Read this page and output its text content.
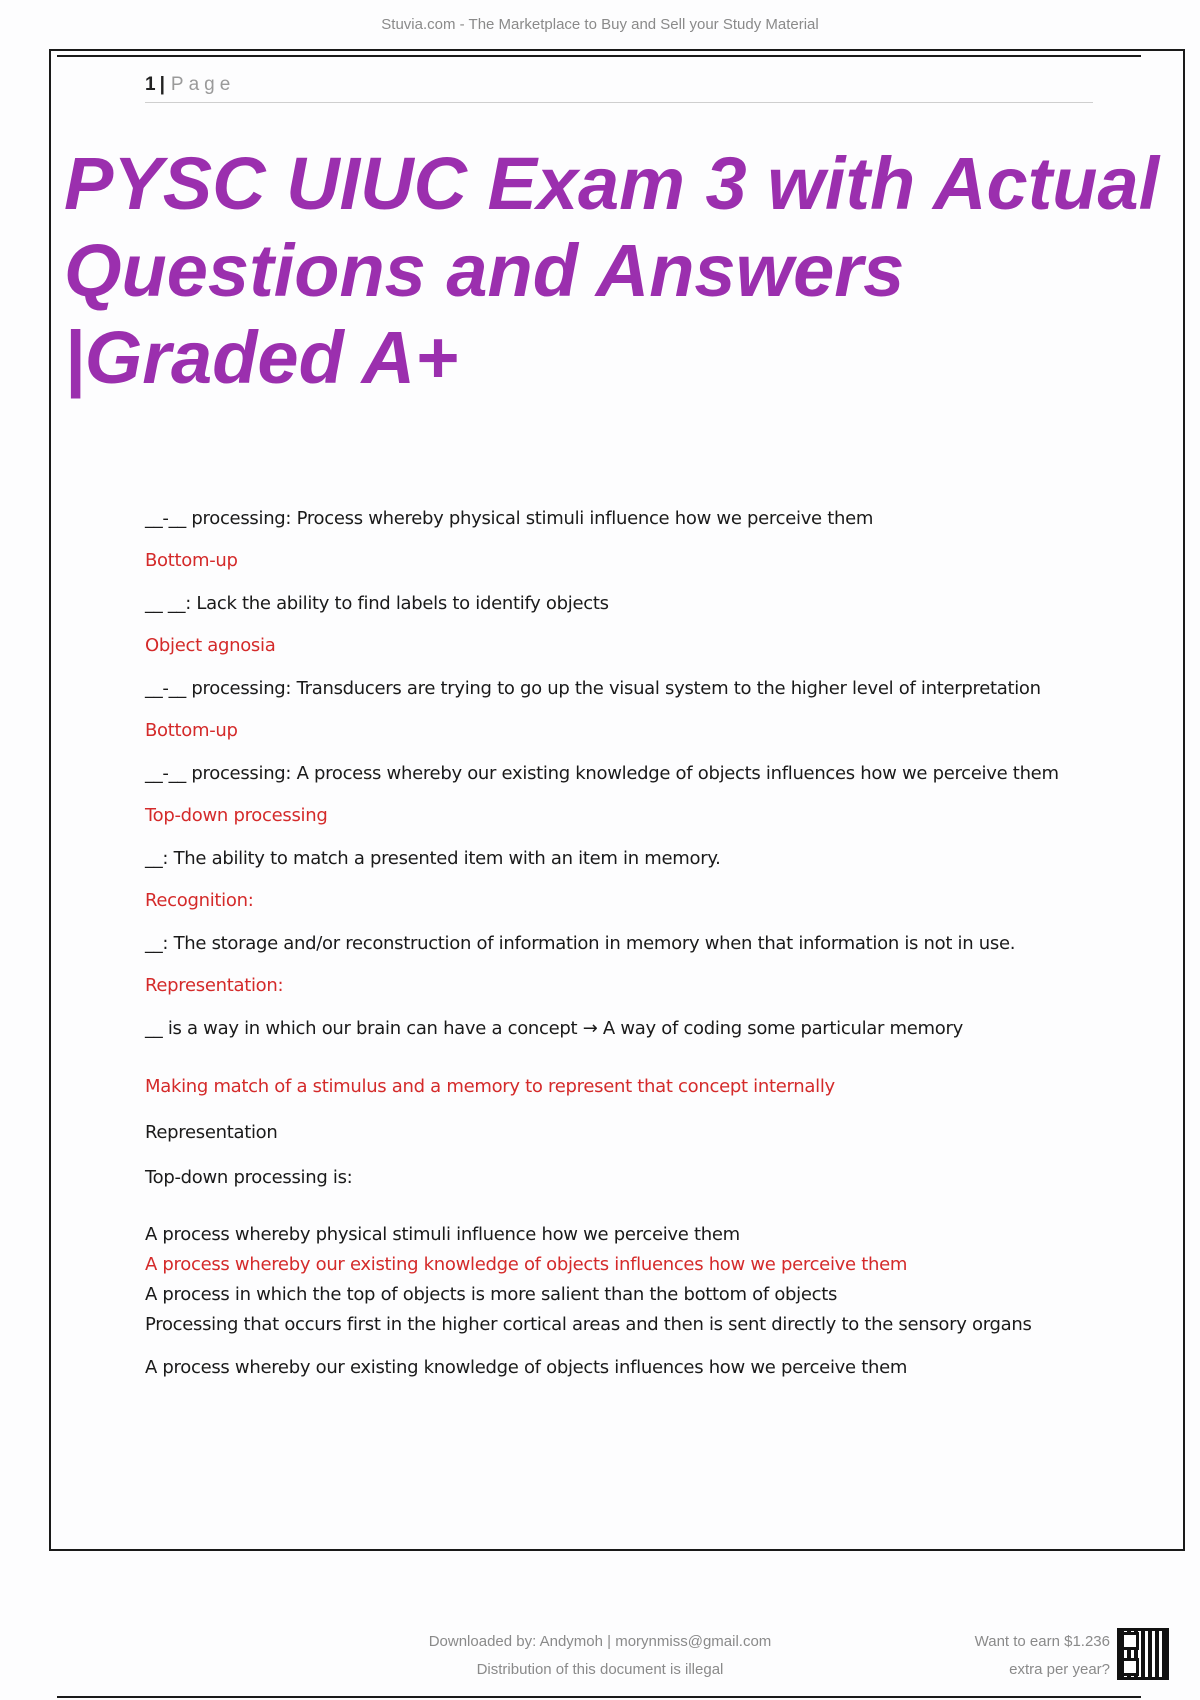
Stuvia.com - The Marketplace to Buy and Sell your Study Material
1 | Page
PYSC UIUC Exam 3 with Actual Questions and Answers |Graded A+

__-__ processing: Process whereby physical stimuli influence how we perceive them

Bottom-up

__ __: Lack the ability to find labels to identify objects

Object agnosia

__-__ processing: Transducers are trying to go up the visual system to the higher level of interpretation

Bottom-up

__-__ processing: A process whereby our existing knowledge of objects influences how we perceive them

Top-down processing

__: The ability to match a presented item with an item in memory.

Recognition:

__: The storage and/or reconstruction of information in memory when that information is not in use.

Representation:

__ is a way in which our brain can have a concept → A way of coding some particular memory

Making match of a stimulus and a memory to represent that concept internally

Representation

Top-down processing is:

A process whereby physical stimuli influence how we perceive them

A process whereby our existing knowledge of objects influences how we perceive them

A process in which the top of objects is more salient than the bottom of objects

Processing that occurs first in the higher cortical areas and then is sent directly to the sensory organs

A process whereby our existing knowledge of objects influences how we perceive them

Downloaded by: Andymoh | morynmiss@gmail.com
Distribution of this document is illegal
Want to earn $1.236
extra per year?
